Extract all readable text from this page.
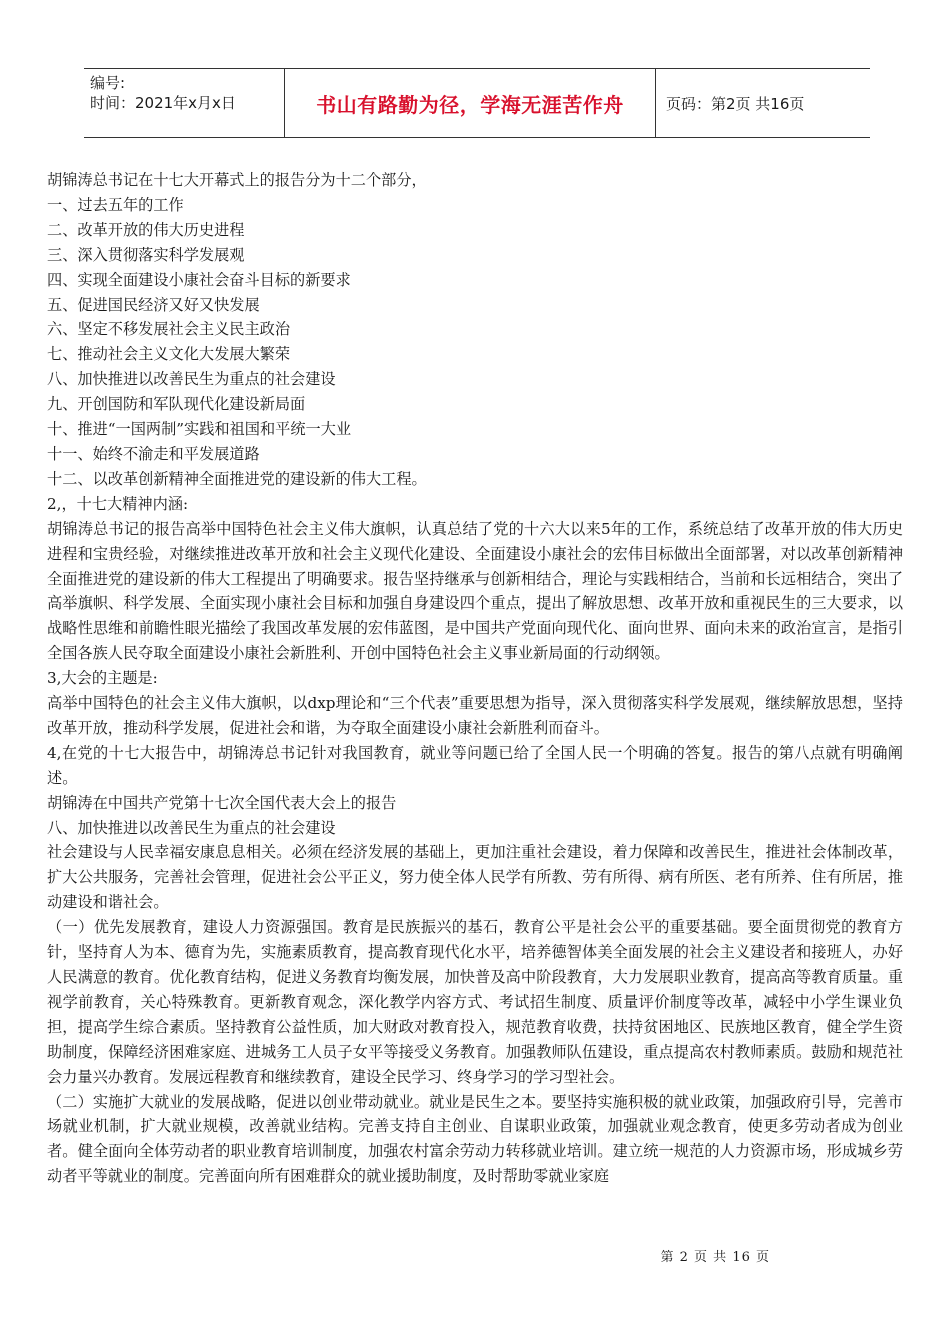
编号:
时间：2021年x月x日	书山有路勤为径，学海无涯苦作舟	页码：第2页 共16页

胡锦涛总书记在十七大开幕式上的报告分为十二个部分，

一、过去五年的工作

二、改革开放的伟大历史进程

三、深入贯彻落实科学发展观

四、实现全面建设小康社会奋斗目标的新要求

五、促进国民经济又好又快发展

六、坚定不移发展社会主义民主政治

七、推动社会主义文化大发展大繁荣

八、加快推进以改善民生为重点的社会建设

九、开创国防和军队现代化建设新局面

十、推进“一国两制”实践和祖国和平统一大业

十一、始终不渝走和平发展道路

十二、以改革创新精神全面推进党的建设新的伟大工程。

2,，十七大精神内涵:

胡锦涛总书记的报告高举中国特色社会主义伟大旗帜，认真总结了党的十六大以来5年的工作，系统总结了改革开放的伟大历史进程和宝贵经验，对继续推进改革开放和社会主义现代化建设、全面建设小康社会的宏伟目标做出全面部署，对以改革创新精神全面推进党的建设新的伟大工程提出了明确要求。报告坚持继承与创新相结合，理论与实践相结合，当前和长远相结合，突出了高举旗帜、科学发展、全面实现小康社会目标和加强自身建设四个重点，提出了解放思想、改革开放和重视民生的三大要求，以战略性思维和前瞻性眼光描绘了我国改革发展的宏伟蓝图，是中国共产党面向现代化、面向世界、面向未来的政治宣言，是指引全国各族人民夺取全面建设小康社会新胜利、开创中国特色社会主义事业新局面的行动纲领。

3,大会的主题是:

高举中国特色的社会主义伟大旗帜，以dxp理论和“三个代表”重要思想为指导，深入贯彻落实科学发展观，继续解放思想，坚持改革开放，推动科学发展，促进社会和谐，为夺取全面建设小康社会新胜利而奋斗。

4,在党的十七大报告中，胡锦涛总书记针对我国教育，就业等问题已给了全国人民一个明确的答复。报告的第八点就有明确阐述。

胡锦涛在中国共产党第十七次全国代表大会上的报告

八、加快推进以改善民生为重点的社会建设

社会建设与人民幸福安康息息相关。必须在经济发展的基础上，更加注重社会建设，着力保障和改善民生，推进社会体制改革，扩大公共服务，完善社会管理，促进社会公平正义，努力使全体人民学有所教、劳有所得、病有所医、老有所养、住有所居，推动建设和谐社会。

（一）优先发展教育，建设人力资源强国。教育是民族振兴的基石，教育公平是社会公平的重要基础。要全面贯彻党的教育方针，坚持育人为本、德育为先，实施素质教育，提高教育现代化水平，培养德智体美全面发展的社会主义建设者和接班人，办好人民满意的教育。优化教育结构，促进义务教育均衡发展，加快普及高中阶段教育，大力发展职业教育，提高高等教育质量。重视学前教育，关心特殊教育。更新教育观念，深化教学内容方式、考试招生制度、质量评价制度等改革，减轻中小学生课业负担，提高学生综合素质。坚持教育公益性质，加大财政对教育投入，规范教育收费，扶持贫困地区、民族地区教育，健全学生资助制度，保障经济困难家庭、进城务工人员子女平等接受义务教育。加强教师队伍建设，重点提高农村教师素质。鼓励和规范社会力量兴办教育。发展远程教育和继续教育，建设全民学习、终身学习的学习型社会。

（二）实施扩大就业的发展战略，促进以创业带动就业。就业是民生之本。要坚持实施积极的就业政策，加强政府引导，完善市场就业机制，扩大就业规模，改善就业结构。完善支持自主创业、自谋职业政策，加强就业观念教育，使更多劳动者成为创业者。健全面向全体劳动者的职业教育培训制度，加强农村富余劳动力转移就业培训。建立统一规范的人力资源市场，形成城乡劳动者平等就业的制度。完善面向所有困难群众的就业援助制度，及时帮助零就业家庭

第 2 页 共 16 页
